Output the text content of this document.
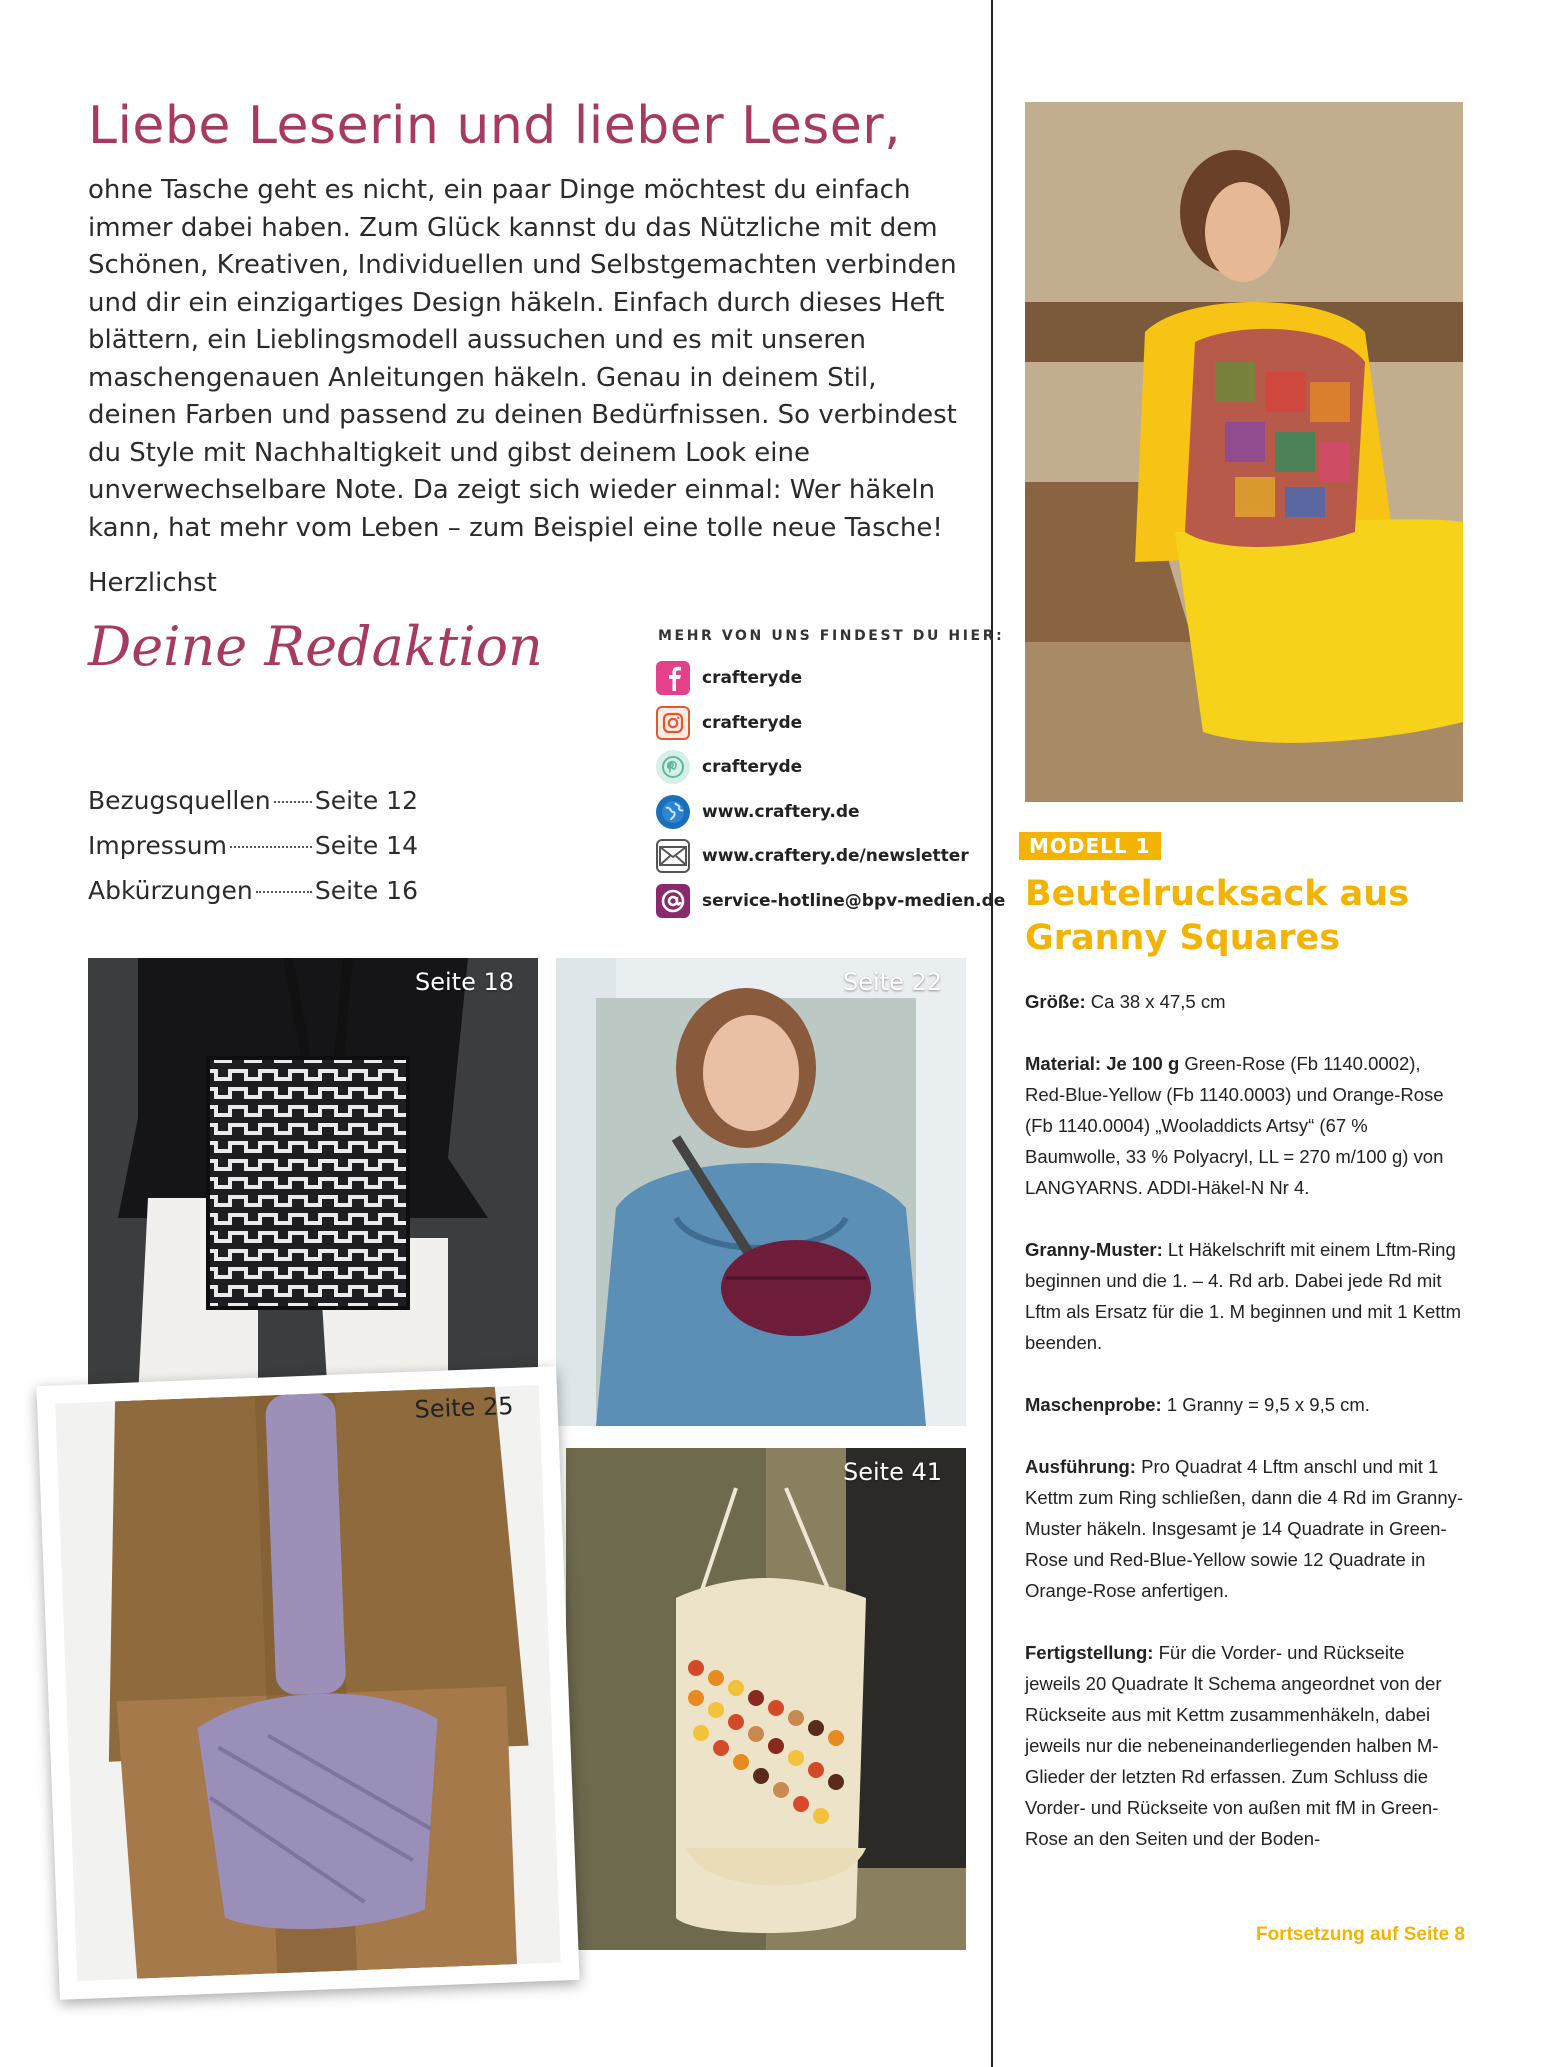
Liebe Leserin und lieber Leser,
ohne Tasche geht es nicht, ein paar Dinge möchtest du einfach immer dabei haben. Zum Glück kannst du das Nützliche mit dem Schönen, Kreativen, Individuellen und Selbstgemachten verbinden und dir ein einzigartiges Design häkeln. Einfach durch dieses Heft blättern, ein Lieblingsmodell aussuchen und es mit unseren maschengenauen Anleitungen häkeln. Genau in deinem Stil, deinen Farben und passend zu deinen Bedürfnissen. So verbindest du Style mit Nachhaltigkeit und gibst deinem Look eine unverwechselbare Note. Da zeigt sich wieder einmal: Wer häkeln kann, hat mehr vom Leben – zum Beispiel eine tolle neue Tasche!
Herzlichst
Deine Redaktion
Bezugsquellen Seite 12
Impressum	Seite 14
Abkürzungen Seite 16
MEHR VON UNS FINDEST DU HIER:
crafteryde
crafteryde
crafteryde
www.craftery.de
www.craftery.de/newsletter
service-hotline@bpv-medien.de
Seite 18	Seite 22
Seite 41
Seite 25
MODELL 1
Beutelrucksack aus Granny Squares

Größe: Ca 38 x 47,5 cm

Material: Je 100 g Green-Rose (Fb 1140.0002), Red-Blue-Yellow (Fb 1140.0003) und Orange-Rose (Fb 1140.0004) „Wooladdicts Artsy“ (67 % Baumwolle, 33 % Polyacryl, LL = 270 m/100 g) von LANGYARNS. ADDI-Häkel-N Nr 4.

Granny-Muster: Lt Häkelschrift mit einem Lftm-Ring beginnen und die 1. – 4. Rd arb. Dabei jede Rd mit Lftm als Ersatz für die 1. M beginnen und mit 1 Kettm beenden.

Maschenprobe: 1 Granny = 9,5 x 9,5 cm.

Ausführung: Pro Quadrat 4 Lftm anschl und mit 1 Kettm zum Ring schließen, dann die 4 Rd im Granny-Muster häkeln. Insgesamt je 14 Quadrate in Green-Rose und Red-Blue-Yellow sowie 12 Quadrate in Orange-Rose anfertigen.

Fertigstellung: Für die Vorder- und Rückseite jeweils 20 Quadrate lt Schema angeordnet von der Rückseite aus mit Kettm zusammenhäkeln, dabei jeweils nur die nebeneinanderliegenden halben M-Glieder der letzten Rd erfassen. Zum Schluss die Vorder- und Rückseite von außen mit fM in Green-Rose an den Seiten und der Boden-

Fortsetzung auf Seite 8
